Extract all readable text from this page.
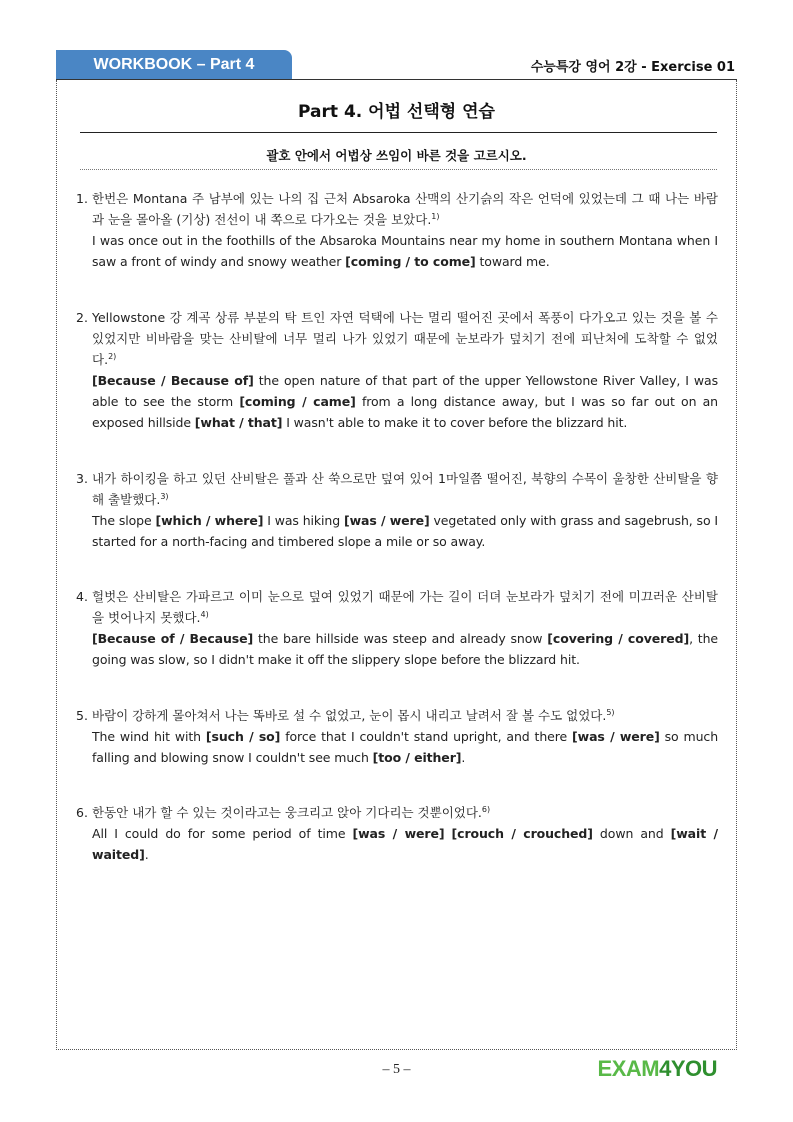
WORKBOOK – Part 4	수능특강 영어 2강 - Exercise 01
Part 4. 어법 선택형 연습
괄호 안에서 어법상 쓰임이 바른 것을 고르시오.
1. 한번은 Montana 주 남부에 있는 나의 집 근처 Absaroka 산맥의 산기슭의 작은 언덕에 있었는데 그 때 나는 바람과 눈을 몰아올 (기상) 전선이 내 쪽으로 다가오는 것을 보았다.$^{1)}$
I was once out in the foothills of the Absaroka Mountains near my home in southern Montana when I saw a front of windy and snowy weather [coming / to come] toward me.
2. Yellowstone 강 계곡 상류 부분의 탁 트인 자연 덕택에 나는 멀리 떨어진 곳에서 폭풍이 다가오고 있는 것을 볼 수 있었지만 비바람을 맞는 산비탈에 너무 멀리 나가 있었기 때문에 눈보라가 덮치기 전에 피난처에 도착할 수 없었다.$^{2)}$
[Because / Because of] the open nature of that part of the upper Yellowstone River Valley, I was able to see the storm [coming / came] from a long distance away, but I was so far out on an exposed hillside [what / that] I wasn't able to make it to cover before the blizzard hit.
3. 내가 하이킹을 하고 있던 산비탈은 풀과 산 쑥으로만 덮여 있어 1마일쯤 떨어진, 북향의 수목이 울창한 산비탈을 향해 출발했다.$^{3)}$
The slope [which / where] I was hiking [was / were] vegetated only with grass and sagebrush, so I started for a north-facing and timbered slope a mile or so away.
4. 헐벗은 산비탈은 가파르고 이미 눈으로 덮여 있었기 때문에 가는 길이 더뎌 눈보라가 덮치기 전에 미끄러운 산비탈을 벗어나지 못했다.$^{4)}$
[Because of / Because] the bare hillside was steep and already snow [covering / covered], the going was slow, so I didn't make it off the slippery slope before the blizzard hit.
5. 바람이 강하게 몰아쳐서 나는 똑바로 설 수 없었고, 눈이 몹시 내리고 날려서 잘 볼 수도 없었다.$^{5)}$
The wind hit with [such / so] force that I couldn't stand upright, and there [was / were] so much falling and blowing snow I couldn't see much [too / either].
6. 한동안 내가 할 수 있는 것이라고는 웅크리고 앉아 기다리는 것뿐이었다.$^{6)}$
All I could do for some period of time [was / were] [crouch / crouched] down and [wait / waited].
– 5 –	EXAM4YOU
